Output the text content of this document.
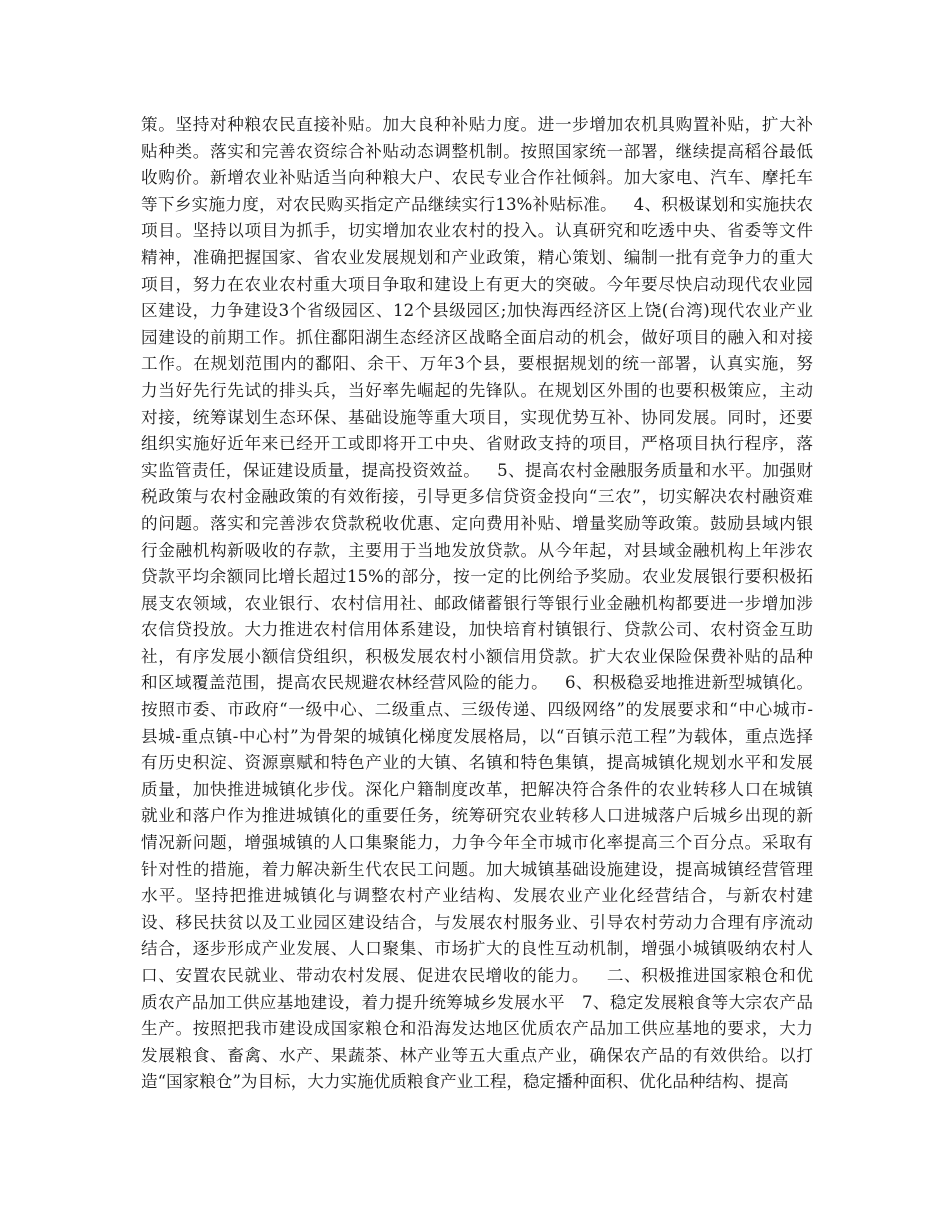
策。坚持对种粮农民直接补贴。加大良种补贴力度。进一步增加农机具购置补贴，扩大补
贴种类。落实和完善农资综合补贴动态调整机制。按照国家统一部署，继续提高稻谷最低
收购价。新增农业补贴适当向种粮大户、农民专业合作社倾斜。加大家电、汽车、摩托车
等下乡实施力度，对农民购买指定产品继续实行13%补贴标准。   4、积极谋划和实施扶农
项目。坚持以项目为抓手，切实增加农业农村的投入。认真研究和吃透中央、省委等文件
精神，准确把握国家、省农业发展规划和产业政策，精心策划、编制一批有竞争力的重大
项目，努力在农业农村重大项目争取和建设上有更大的突破。今年要尽快启动现代农业园
区建设，力争建设3个省级园区、12个县级园区;加快海西经济区上饶(台湾)现代农业产业
园建设的前期工作。抓住鄱阳湖生态经济区战略全面启动的机会，做好项目的融入和对接
工作。在规划范围内的鄱阳、余干、万年3个县，要根据规划的统一部署，认真实施，努
力当好先行先试的排头兵，当好率先崛起的先锋队。在规划区外围的也要积极策应，主动
对接，统筹谋划生态环保、基础设施等重大项目，实现优势互补、协同发展。同时，还要
组织实施好近年来已经开工或即将开工中央、省财政支持的项目，严格项目执行程序，落
实监管责任，保证建设质量，提高投资效益。   5、提高农村金融服务质量和水平。加强财
税政策与农村金融政策的有效衔接，引导更多信贷资金投向“三农”，切实解决农村融资难
的问题。落实和完善涉农贷款税收优惠、定向费用补贴、增量奖励等政策。鼓励县域内银
行金融机构新吸收的存款，主要用于当地发放贷款。从今年起，对县域金融机构上年涉农
贷款平均余额同比增长超过15%的部分，按一定的比例给予奖励。农业发展银行要积极拓
展支农领域，农业银行、农村信用社、邮政储蓄银行等银行业金融机构都要进一步增加涉
农信贷投放。大力推进农村信用体系建设，加快培育村镇银行、贷款公司、农村资金互助
社，有序发展小额信贷组织，积极发展农村小额信用贷款。扩大农业保险保费补贴的品种
和区域覆盖范围，提高农民规避农林经营风险的能力。   6、积极稳妥地推进新型城镇化。
按照市委、市政府“一级中心、二级重点、三级传递、四级网络”的发展要求和“中心城市-
县城-重点镇-中心村”为骨架的城镇化梯度发展格局，以“百镇示范工程”为载体，重点选择
有历史积淀、资源禀赋和特色产业的大镇、名镇和特色集镇，提高城镇化规划水平和发展
质量，加快推进城镇化步伐。深化户籍制度改革，把解决符合条件的农业转移人口在城镇
就业和落户作为推进城镇化的重要任务，统筹研究农业转移人口进城落户后城乡出现的新
情况新问题，增强城镇的人口集聚能力，力争今年全市城市化率提高三个百分点。采取有
针对性的措施，着力解决新生代农民工问题。加大城镇基础设施建设，提高城镇经营管理
水平。坚持把推进城镇化与调整农村产业结构、发展农业产业化经营结合，与新农村建
设、移民扶贫以及工业园区建设结合，与发展农村服务业、引导农村劳动力合理有序流动
结合，逐步形成产业发展、人口聚集、市场扩大的良性互动机制，增强小城镇吸纳农村人
口、安置农民就业、带动农村发展、促进农民增收的能力。   二、积极推进国家粮仓和优
质农产品加工供应基地建设，着力提升统筹城乡发展水平   7、稳定发展粮食等大宗农产品
生产。按照把我市建设成国家粮仓和沿海发达地区优质农产品加工供应基地的要求，大力
发展粮食、畜禽、水产、果蔬茶、林产业等五大重点产业，确保农产品的有效供给。以打
造“国家粮仓”为目标，大力实施优质粮食产业工程，稳定播种面积、优化品种结构、提高
